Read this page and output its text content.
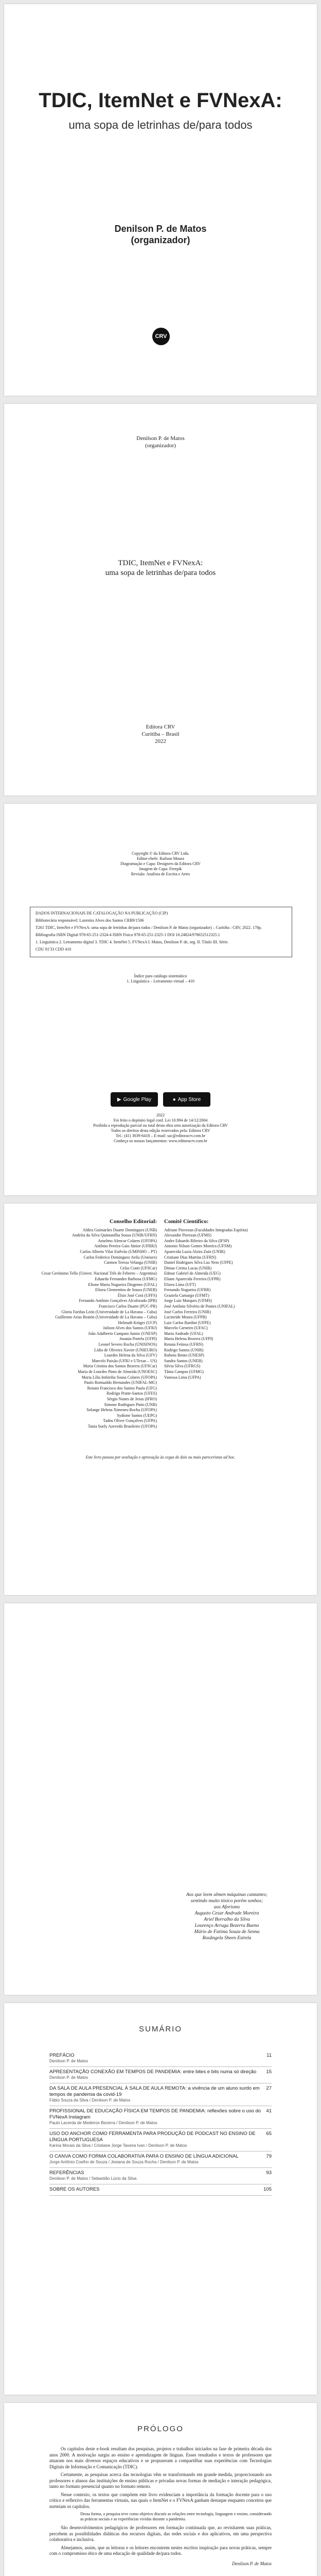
TDIC, ItemNet e FVNexA:
uma sopa de letrinhas de/para todos
Denilson P. de Matos
(organizador)
CRV
Denilson P. de Matos
(organizador)
TDIC, ItemNet e FVNexA:
uma sopa de letrinhas de/para todos
Editora CRV
Curitiba – Brasil
2022
Copyright © da Editora CRV Ltda.
Editor-chefe: Railson Moura
Diagramação e Capa: Designers da Editora CRV
Imagem de Capa: Freepik
Revisão: Analista de Escrita e Artes

DADOS INTERNACIONAIS DE CATALOGAÇÃO NA PUBLICAÇÃO (CIP)

Bibliotecária responsável: Luzenira Alves dos Santos CRB9/1506

T261 TDIC, ItemNet e FVNexA: uma sopa de letrinhas de/para todos / Denilson P. de Matos (organizador) – Curitiba : CRV, 2022. 178p.

Bibliografia ISBN Digital 978-65-251-2324-4 ISBN Físico 978-65-251-2325-1 DOI 10.24824/978652512325.1

1. Linguística 2. Letramento digital 3. TDIC 4. ItemNet 5. FVNexA I. Matos, Denilson P. de, org. II. Título III. Série.

CDU 81'33 CDD 410

Índice para catálogo sistemático
1. Linguística – Letramento virtual – 410
2022
Foi feito o depósito legal conf. Lei 10.994 de 14/12/2004
Proibida a reprodução parcial ou total desta obra sem autorização da Editora CRV
Todos os direitos desta edição reservados pela: Editora CRV
Tel.: (41) 3039-6418 – E-mail: sac@editoracrv.com.br
Conheça os nossos lançamentos: www.editoracrv.com.br
▶ Google Play	● App Store
Conselho Editorial:
Aldira Guimarães Duarte Domínguez (UNB)
Andréia da Silva Quintanilha Sousa (UNIR/UFRN)
Anselmo Alencar Colares (UFOPA)
Antônio Pereira Gaio Júnior (UFRRJ)
Carlos Alberto Vilar Estêvão (UMINHO – PT)
Carlos Federico Dominguez Avila (Unieuro)
Carmen Tereza Velanga (UNIR)
Celso Conti (UFSCar)
Cesar Gerónimo Tello (Univer. Nacional Três de Febrero – Argentina)
Eduardo Fernandes Barbosa (UFMG)
Elione Maria Nogueira Diogenes (UFAL)
Elizeu Clementino de Souza (UNEB)
Élsio José Corá (UFFS)
Fernando Antônio Gonçalves Alcoforado (IPB)
Francisco Carlos Duarte (PUC-PR)
Gloria Fariñas León (Universidade de La Havana – Cuba)
Guillermo Arias Beatón (Universidade de La Havana – Cuba)
Helmuth Krüger (UCP)
Jailson Alves dos Santos (UFRJ)
João Adalberto Campato Junior (UNESP)
Josania Portela (UFPI)
Leonel Severo Rocha (UNISINOS)
Lídia de Oliveira Xavier (UNIEURO)
Lourdes Helena da Silva (UFV)
Marcelo Paixão (UFRJ e UTexas – US)
Maria Cristina dos Santos Bezerra (UFSCar)
Maria de Lourdes Pinto de Almeida (UNOESC)
Maria Lília Imbiriba Sousa Colares (UFOPA)
Paulo Romualdo Hernandes (UNIFAL-MG)
Renato Francisco dos Santos Paula (UFG)
Rodrigo Pratte-Santos (UFES)
Sérgio Nunes de Jesus (IFRO)
Simone Rodrigues Pinto (UNB)
Solange Helena Ximenes-Rocha (UFOPA)
Sydione Santos (UEPG)
Tadeu Oliver Gonçalves (UFPA)
Tania Suely Azevedo Brasileiro (UFOPA)
Comitê Científico:
Adriane Piovezan (Faculdades Integradas Espírita)
Alexandre Pierezan (UFMS)
Andre Eduardo Ribeiro da Silva (IFSP)
Antonio Nilson Gomes Moreira (UFSM)
Aparecida Luzia Alzira Zuin (UNIR)
Cristiane Dias Martins (UFRN)
Daniel Rodrigues Silva Luz Neto (UFPE)
Dimas Crema Lucas (UNIR)
Edmar Gabriel de Almeida (UEG)
Eliane Aparecida Ferreira (UFPR)
Elizeu Lima (UFT)
Fernando Nogueira (UFRR)
Graziela Camargo (UFMT)
Jorge Luiz Marques (UFMS)
José Antônio Silvério de Pontes (UNIFAL)
José Carlos Ferreira (UNIR)
Lucineide Moura (UFPB)
Luiz Carlos Bardini (UFPE)
Marcelo Carneiro (UFAC)
Maria Andrade (UFAL)
Maria Helena Bezerra (UFPI)
Renata Feitosa (UFRN)
Rodrigo Santos (UNIR)
Rubens Bento (UNESP)
Sandra Santos (UNEB)
Silvia Silva (UFRGS)
Tânia Campos (UFMG)
Vanessa Lima (UFPA)
Este livro passou por avaliação e aprovação às cegas de dois ou mais pareceristas ad hoc.
Aos que leem sêmen máquinas cantantes;
sentindo muito tóxico porém sonhos;
aos Aforismo
Augusto Cesar Andrade Moreira
Ariel Borralho da Silva
Lourenço Arruga Bezerra Bueno
Mário de Fatima Souza de Senna
Rosângela Sheen Estrela
SUMÁRIO
PREFÁCIO	11
Denilson P. de Matos
APRESENTAÇÃO CONEXÃO EM TEMPOS DE PANDEMIA: entre bites e bits numa só direção	15
Denilson P. de Matos
DA SALA DE AULA PRESENCIAL À SALA DE AULA REMOTA: a vivência de um aluno surdo em tempos de pandemia da covid-19
27
Fábio Souza da Silva / Denilson P. de Matos
PROFISSIONAL DE EDUCAÇÃO FÍSICA EM TEMPOS DE PANDEMIA: reflexões sobre o uso do FVNexA Instagram
41
Paulo Lacerda de Medeiros Bezerra / Denilson P. de Matos
USO DO ANCHOR COMO FERRAMENTA PARA PRODUÇÃO DE PODCAST NO ENSINO DE LÍNGUA PORTUGUESA
65
Karina Morais da Silva / Cristiane Jorge Taveira Ivan / Denilson P. de Matos
O CANVA COMO FORMA COLABORATIVA PARA O ENSINO DE LÍNGUA ADICIONAL	79
Jorge Antônio Coelho de Souza / Jesiana de Souza Rocha / Denilson P. de Matos
REFERÊNCIAS	93
Denilson P. de Matos / Sebastião Lúcio da Silva
SOBRE OS AUTORES	105
PRÓLOGO

Os capítulos deste e-book resultam dos pesquisas, projetos e trabalhos iniciados na fase de primeira década dos anos 2000. A motivação surgiu ao ensino e aprendizagem de línguas. Esses resultados e textos de professores que atuaram nos mais diversos espaços educativos e se propuseram a compartilhar suas experiências com Tecnologias Digitais de Informação e Comunicação (TDIC).

Certamente, as pesquisas acerca das tecnologias vêm se transformando em grande medida, proporcionando aos professores e alunos das instituições de ensino públicas e privadas novas formas de mediação e interação pedagógica, tanto no formato presencial quanto no formato remoto.

Nesse contexto, os textos que compõem este livro evidenciam a importância da formação docente para o uso crítico e reflexivo das ferramentas virtuais, nas quais o ItemNet e o FVNexA ganham destaque enquanto conceitos que norteiam os capítulos.

Dessa forma, a pesquisa teve como objetivo discutir as relações entre tecnologia, linguagem e ensino, considerando as práticas sociais e as experiências vividas durante a pandemia.

São desenvolvimentos pedagógicos de professores em formação continuada que, ao revisitarem suas práticas, percebem as possibilidades didáticas dos recursos digitais, das redes sociais e dos aplicativos, em uma perspectiva colaborativa e inclusiva.

Almejamos, assim, que as leitoras e os leitores encontrem nestes escritos inspiração para novas práticas, sempre com o compromisso ético de uma educação de qualidade de/para todos.

Denilson P. de Matos
